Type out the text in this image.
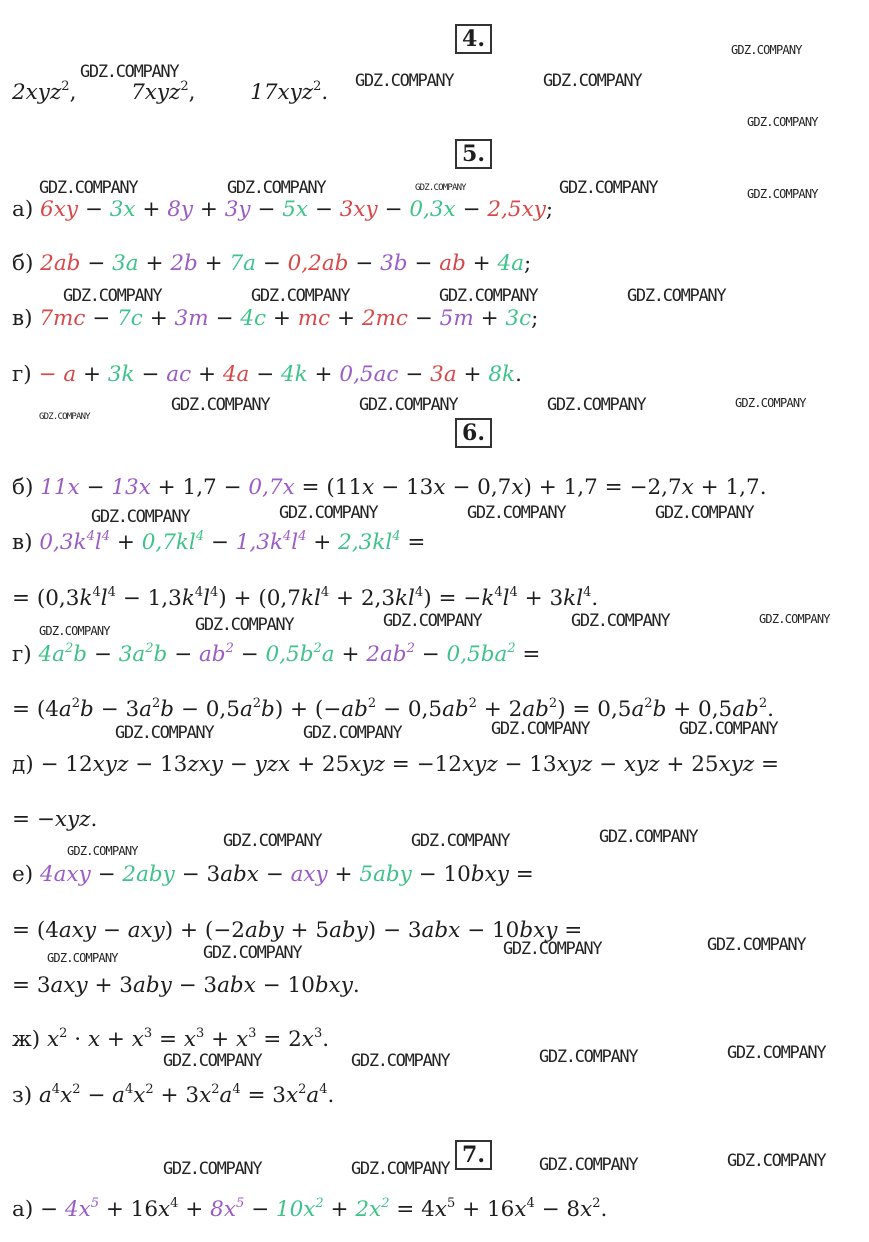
4 .
5 .
6 .
7 .
2xyz$^2$,        7xyz$^2$,        17xyz$^2$.
а) 6xy − 3x + 8y + 3y − 5x − 3xy − 0,3x − 2,5xy;
б) 2ab − 3a + 2b + 7a − 0,2ab − 3b − ab + 4a;
в) 7mc − 7c + 3m − 4c + mc + 2mc − 5m + 3c;
г) − a + 3k − ac + 4a − 4k + 0,5ac − 3a + 8k.
б) 11x − 13x + 1,7 − 0,7x = (11x − 13x − 0,7x) + 1,7 = −2,7x + 1,7.
в) $0,3k^4l^4 + 0,7kl^4 - 1,3k^4l^4 + 2,3kl^4$ =
= $(0,3k^4l^4 - 1,3k^4l^4) + (0,7kl^4 + 2,3kl^4) = -k^4l^4 + 3kl^4$.
г) $4a^2b - 3a^2b - ab^2 - 0,5b^2a + 2ab^2 - 0,5ba^2$ =
= $(4a^2b - 3a^2b - 0,5a^2b) + (-ab^2 - 0,5ab^2 + 2ab^2) = 0,5a^2b + 0,5ab^2$.
д) − 12xyz − 13zxy − yzx + 25xyz = −12xyz − 13xyz − xyz + 25xyz =
= −xyz.
е) 4axy − 2aby − 3abx − axy + 5aby − 10bxy =
= (4axy − axy) + (−2aby + 5aby) − 3abx − 10bxy =
= 3axy + 3aby − 3abx − 10bxy.
ж) $x^2 \cdot x + x^3 = x^3 + x^3 = 2x^3$.
з) $a^4x^2 - a^4x^2 + 3x^2a^4 = 3x^2a^4$.
$а) - 4x^5 + 16x^4 + 8x^5 - 10x^2 + 2x^2 = 4x^5 + 16x^4 - 8x^2$.
GDZ.COMPANY
GDZ.COMPANY	GDZ.COMPANY	GDZ.COMPANY
GDZ.COMPANY
GDZ.COMPANY	GDZ.COMPANY	GDZ.COMPANY	GDZ.COMPANY	GDZ.COMPANY
GDZ.COMPANY	GDZ.COMPANY	GDZ.COMPANY	GDZ.COMPANY
GDZ.COMPANY
GDZ.COMPANY	GDZ.COMPANY	GDZ.COMPANY	GDZ.COMPANY
GDZ.COMPANY	GDZ.COMPANY	GDZ.COMPANY	GDZ.COMPANY
GDZ.COMPANY	GDZ.COMPANY	GDZ.COMPANY	GDZ.COMPANY	GDZ.COMPANY
GDZ.COMPANY	GDZ.COMPANY	GDZ.COMPANY	GDZ.COMPANY
GDZ.COMPANY	GDZ.COMPANY	GDZ.COMPANY	GDZ.COMPANY
GDZ.COMPANY	GDZ.COMPANY	GDZ.COMPANY	GDZ.COMPANY
GDZ.COMPANY	GDZ.COMPANY	GDZ.COMPANY	GDZ.COMPANY
GDZ.COMPANY	GDZ.COMPANY	GDZ.COMPANY	GDZ.COMPANY
